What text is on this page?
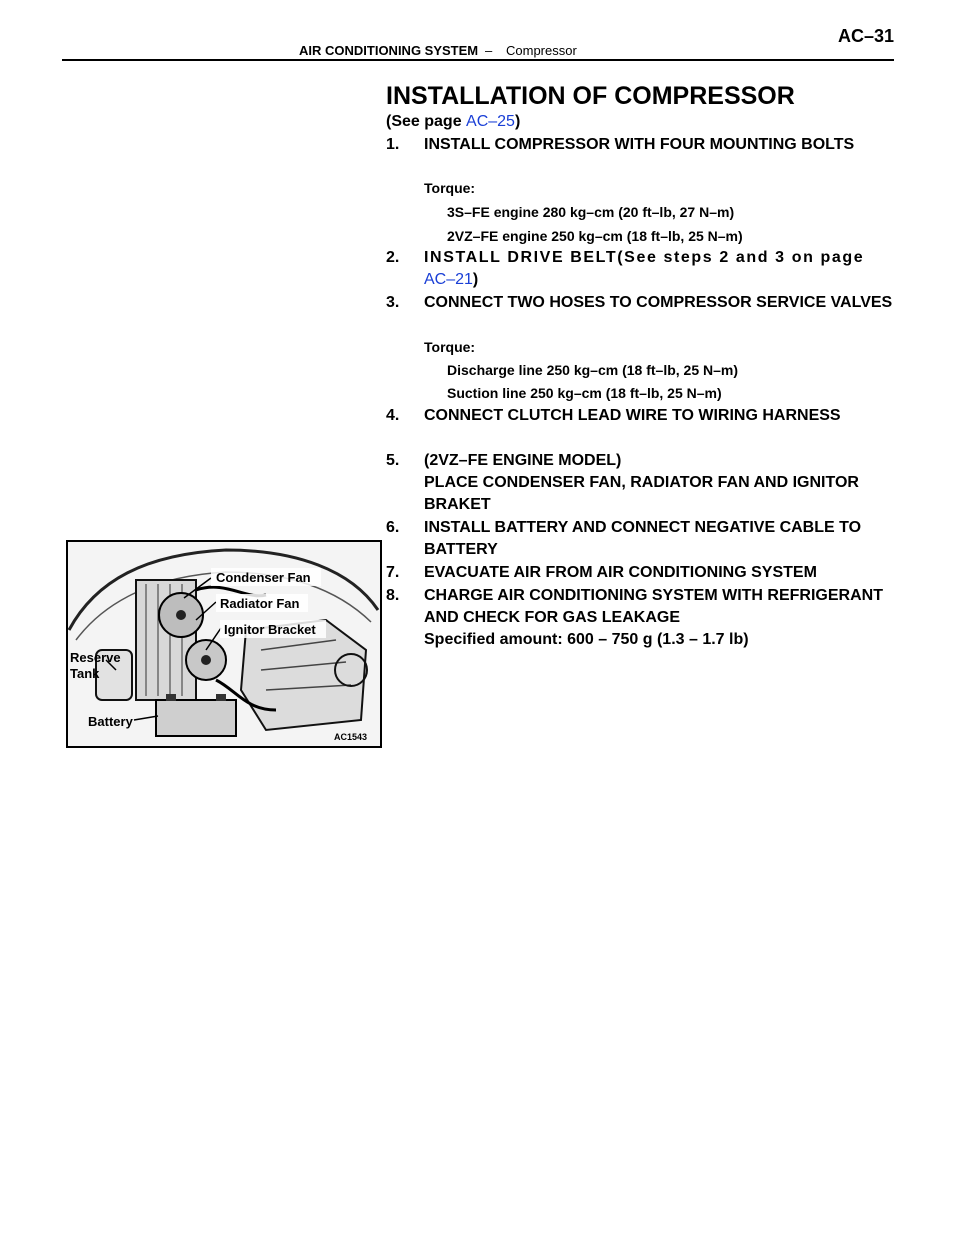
AIR CONDITIONING SYSTEM – Compressor
AC–31
INSTALLATION OF COMPRESSOR
(See page AC–25)
1. INSTALL COMPRESSOR WITH FOUR MOUNTING BOLTS
Torque:
3S–FE engine 280 kg–cm (20 ft–lb, 27 N–m)
2VZ–FE engine 250 kg–cm (18 ft–lb, 25 N–m)
2. INSTALL DRIVE BELT(See steps 2 and 3 on page
AC–21)
3. CONNECT TWO HOSES TO COMPRESSOR SERVICE VALVES
Torque:
Discharge line 250 kg–cm (18 ft–lb, 25 N–m)
Suction line 250 kg–cm (18 ft–lb, 25 N–m)
4. CONNECT CLUTCH LEAD WIRE TO WIRING HARNESS
5. (2VZ–FE ENGINE MODEL)
PLACE CONDENSER FAN, RADIATOR FAN AND IGNITOR BRAKET
6. INSTALL BATTERY AND CONNECT NEGATIVE CABLE TO BATTERY
7. EVACUATE AIR FROM AIR CONDITIONING SYSTEM
8. CHARGE AIR CONDITIONING SYSTEM WITH REFRIGERANT AND CHECK FOR GAS LEAKAGE
Specified amount: 600 – 750 g (1.3 – 1.7 lb)
Condenser Fan
Radiator Fan
Ignitor Bracket
Reserve
Tank
Battery
AC1543
